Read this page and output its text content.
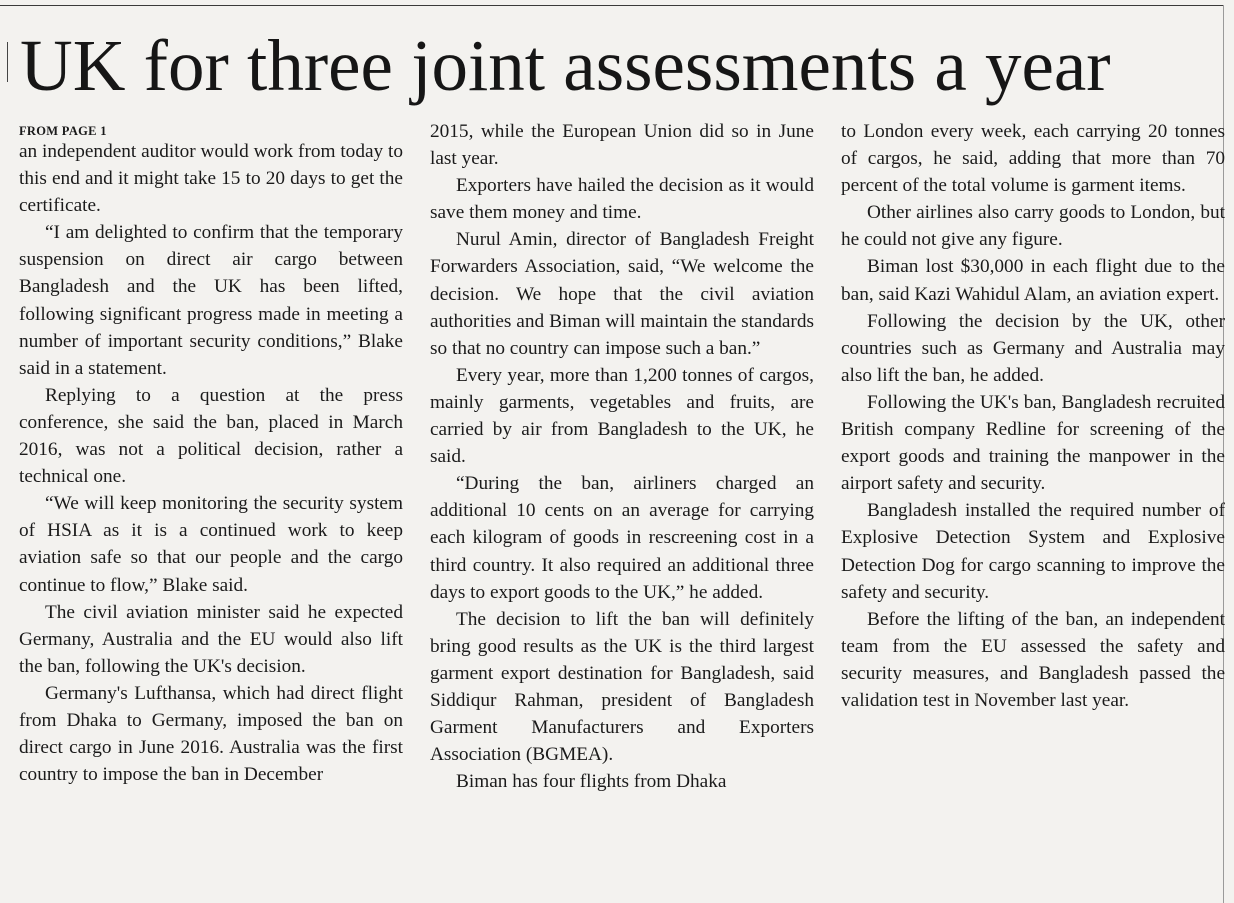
UK for three joint assessments a year
FROM PAGE 1

an independent auditor would work from today to this end and it might take 15 to 20 days to get the certificate.

“I am delighted to confirm that the temporary suspension on direct air cargo between Bangladesh and the UK has been lifted, following significant progress made in meeting a number of important security conditions,” Blake said in a statement.

Replying to a question at the press conference, she said the ban, placed in March 2016, was not a political decision, rather a technical one.

“We will keep monitoring the security system of HSIA as it is a continued work to keep aviation safe so that our people and the cargo continue to flow,” Blake said.

The civil aviation minister said he expected Germany, Australia and the EU would also lift the ban, following the UK's decision.

Germany's Lufthansa, which had direct flight from Dhaka to Germany, imposed the ban on direct cargo in June 2016. Australia was the first country to impose the ban in December

2015, while the European Union did so in June last year.

Exporters have hailed the decision as it would save them money and time.

Nurul Amin, director of Bangladesh Freight Forwarders Association, said, “We welcome the decision. We hope that the civil aviation authorities and Biman will maintain the standards so that no country can impose such a ban.”

Every year, more than 1,200 tonnes of cargos, mainly garments, vegetables and fruits, are carried by air from Bangladesh to the UK, he said.

“During the ban, airliners charged an additional 10 cents on an average for carrying each kilogram of goods in rescreening cost in a third country. It also required an additional three days to export goods to the UK,” he added.

The decision to lift the ban will definitely bring good results as the UK is the third largest garment export destination for Bangladesh, said Siddiqur Rahman, president of Bangladesh Garment Manufacturers and Exporters Association (BGMEA).

Biman has four flights from Dhaka

to London every week, each carrying 20 tonnes of cargos, he said, adding that more than 70 percent of the total volume is garment items.

Other airlines also carry goods to London, but he could not give any figure.

Biman lost $30,000 in each flight due to the ban, said Kazi Wahidul Alam, an aviation expert.

Following the decision by the UK, other countries such as Germany and Australia may also lift the ban, he added.

Following the UK's ban, Bangladesh recruited British company Redline for screening of the export goods and training the manpower in the airport safety and security.

Bangladesh installed the required number of Explosive Detection System and Explosive Detection Dog for cargo scanning to improve the safety and security.

Before the lifting of the ban, an independent team from the EU assessed the safety and security measures, and Bangladesh passed the validation test in November last year.
